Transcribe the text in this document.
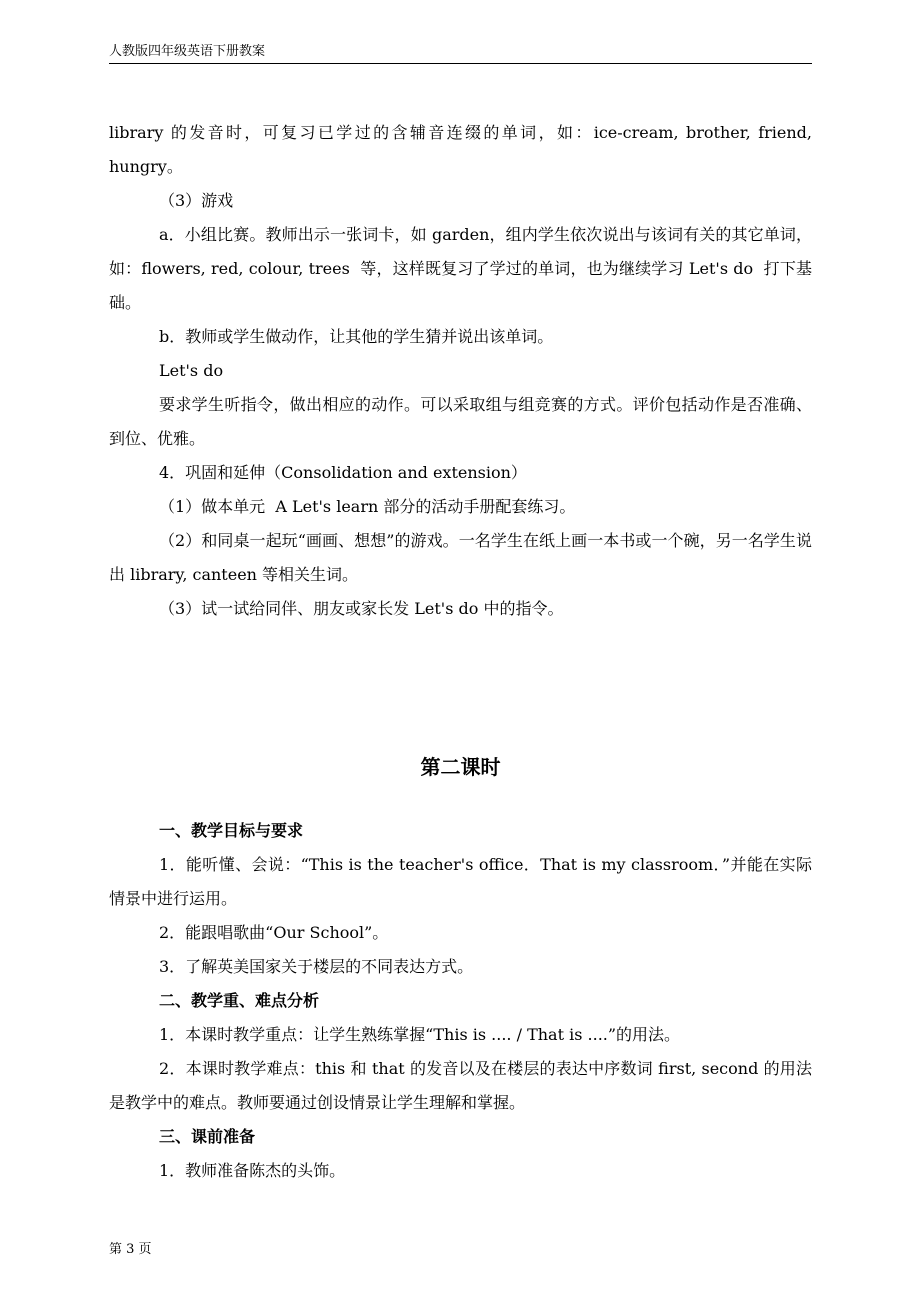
人教版四年级英语下册教案

library 的发音时，可复习已学过的含辅音连缀的单词，如：ice-cream, brother, friend, hungry。

（3）游戏

a．小组比赛。教师出示一张词卡，如 garden，组内学生依次说出与该词有关的其它单词，如：flowers, red, colour, trees  等，这样既复习了学过的单词，也为继续学习 Let's do  打下基础。

b．教师或学生做动作，让其他的学生猜并说出该单词。

Let's do

要求学生听指令，做出相应的动作。可以采取组与组竞赛的方式。评价包括动作是否准确、到位、优雅。

4．巩固和延伸（Consolidation and extension）

（1）做本单元  A Let's learn 部分的活动手册配套练习。

（2）和同桌一起玩“画画、想想”的游戏。一名学生在纸上画一本书或一个碗，另一名学生说出 library, canteen 等相关生词。

（3）试一试给同伴、朋友或家长发 Let's do 中的指令。

第二课时

一、教学目标与要求

1．能听懂、会说：“This is the teacher's office．That is my classroom．”并能在实际情景中进行运用。

2．能跟唱歌曲“Our School”。

3．了解英美国家关于楼层的不同表达方式。

二、教学重、难点分析

1．本课时教学重点：让学生熟练掌握“This is .... / That is ....”的用法。

2．本课时教学难点：this 和 that 的发音以及在楼层的表达中序数词 first, second 的用法是教学中的难点。教师要通过创设情景让学生理解和掌握。

三、课前准备

1．教师准备陈杰的头饰。

第 3 页
